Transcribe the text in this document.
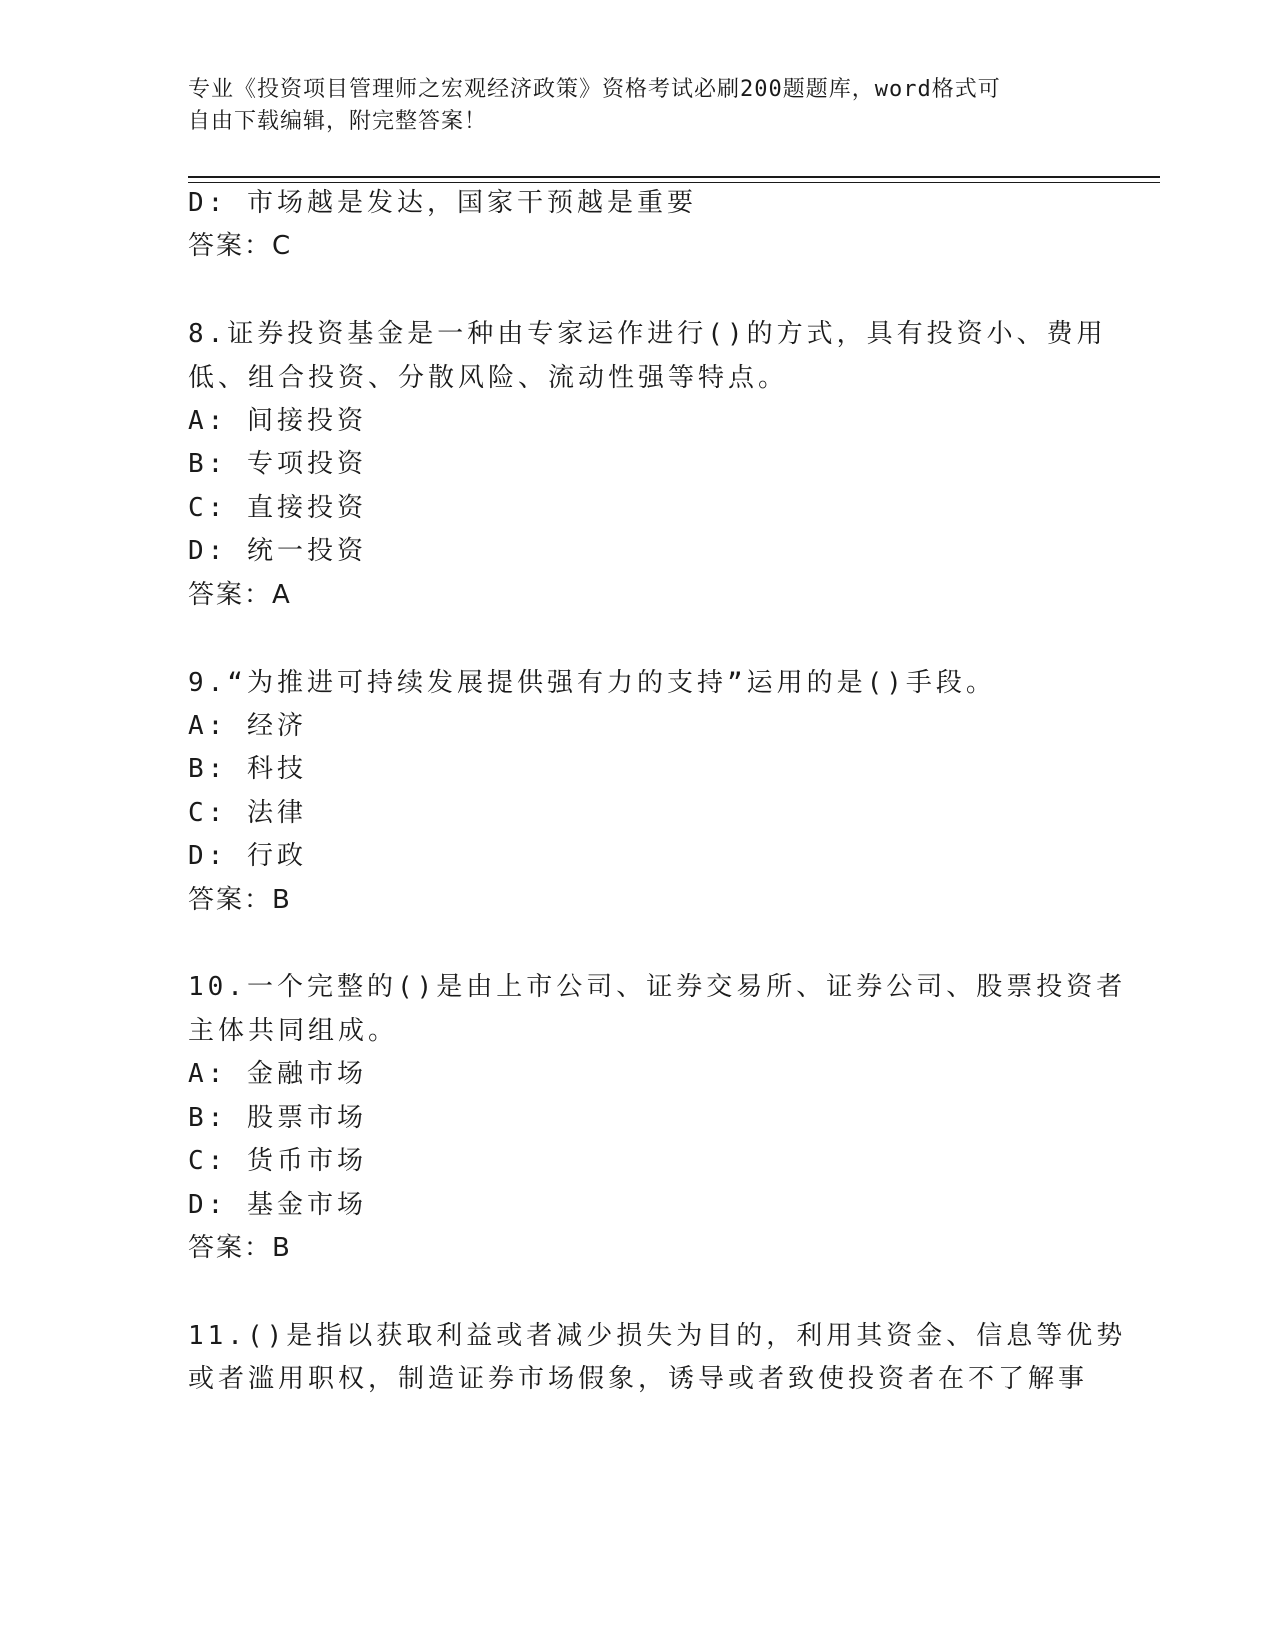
专业《投资项目管理师之宏观经济政策》资格考试必刷200题题库，word格式可
自由下载编辑，附完整答案！
D: 市场越是发达，国家干预越是重要
答案：C
8.证券投资基金是一种由专家运作进行()的方式，具有投资小、费用
低、组合投资、分散风险、流动性强等特点。
A: 间接投资
B: 专项投资
C: 直接投资
D: 统一投资
答案：A
9.“为推进可持续发展提供强有力的支持”运用的是()手段。
A: 经济
B: 科技
C: 法律
D: 行政
答案：B
10.一个完整的()是由上市公司、证券交易所、证券公司、股票投资者
主体共同组成。
A: 金融市场
B: 股票市场
C: 货币市场
D: 基金市场
答案：B
11.()是指以获取利益或者减少损失为目的，利用其资金、信息等优势
或者滥用职权，制造证券市场假象，诱导或者致使投资者在不了解事
